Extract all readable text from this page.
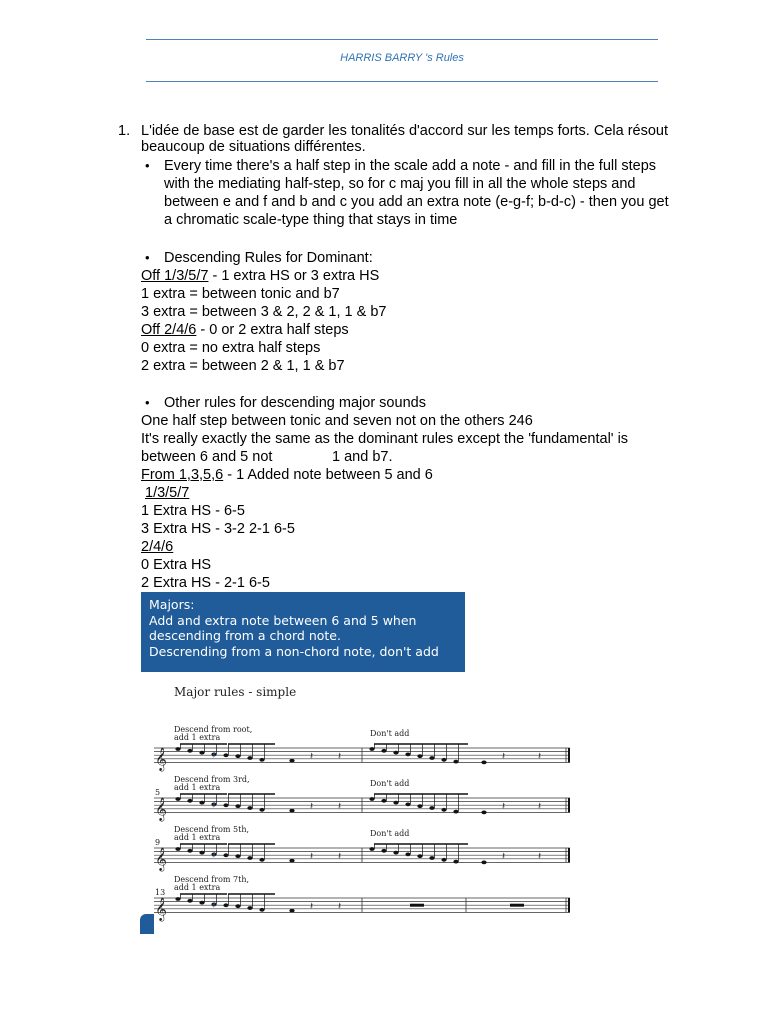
HARRIS BARRY 's Rules
1. L'idée de base est de garder les tonalités d'accord sur les temps forts. Cela résout
beaucoup de situations différentes.
• Every time there's a half step in the scale add a note - and fill in the full steps
with the mediating half-step, so for c maj you fill in all the whole steps and
between e and f and b and c you add an extra note (e-g-f; b-d-c) - then you get
a chromatic scale-type thing that stays in time
• Descending Rules for Dominant:
Off 1/3/5/7 - 1 extra HS or 3 extra HS
1 extra = between tonic and b7
3 extra = between 3 & 2, 2 & 1, 1 & b7
Off 2/4/6 - 0 or 2 extra half steps
0 extra = no extra half steps
2 extra = between 2 & 1, 1 & b7
• Other rules for descending major sounds
One half step between tonic and seven not on the others 246
It's really exactly the same as the dominant rules except the 'fundamental' is
between 6 and 5 not	1 and b7.
From 1,3,5,6 - 1 Added note between 5 and 6
1/3/5/7
1 Extra HS - 6-5
3 Extra HS - 3-2 2-1 6-5
2/4/6
0 Extra HS
2 Extra HS - 2-1 6-5
Majors:
Add and extra note between 6 and 5 when
descending from a chord note.
Descrending from a non-chord note, don't add
Major rules - simple
Descend from root,
add 1 extra	Don't add
𝄞	♯	𝄽 𝄽	𝄽	𝄽
5
Descend from 3rd,
add 1 extra	Don't add
𝄞	♯	𝄽 𝄽	𝄽	𝄽
9
Descend from 5th,
add 1 extra	Don't add
𝄞	♯	𝄽 𝄽	𝄽	𝄽
13
Descend from 7th,
add 1 extra
𝄞	♯	𝄽 𝄽
